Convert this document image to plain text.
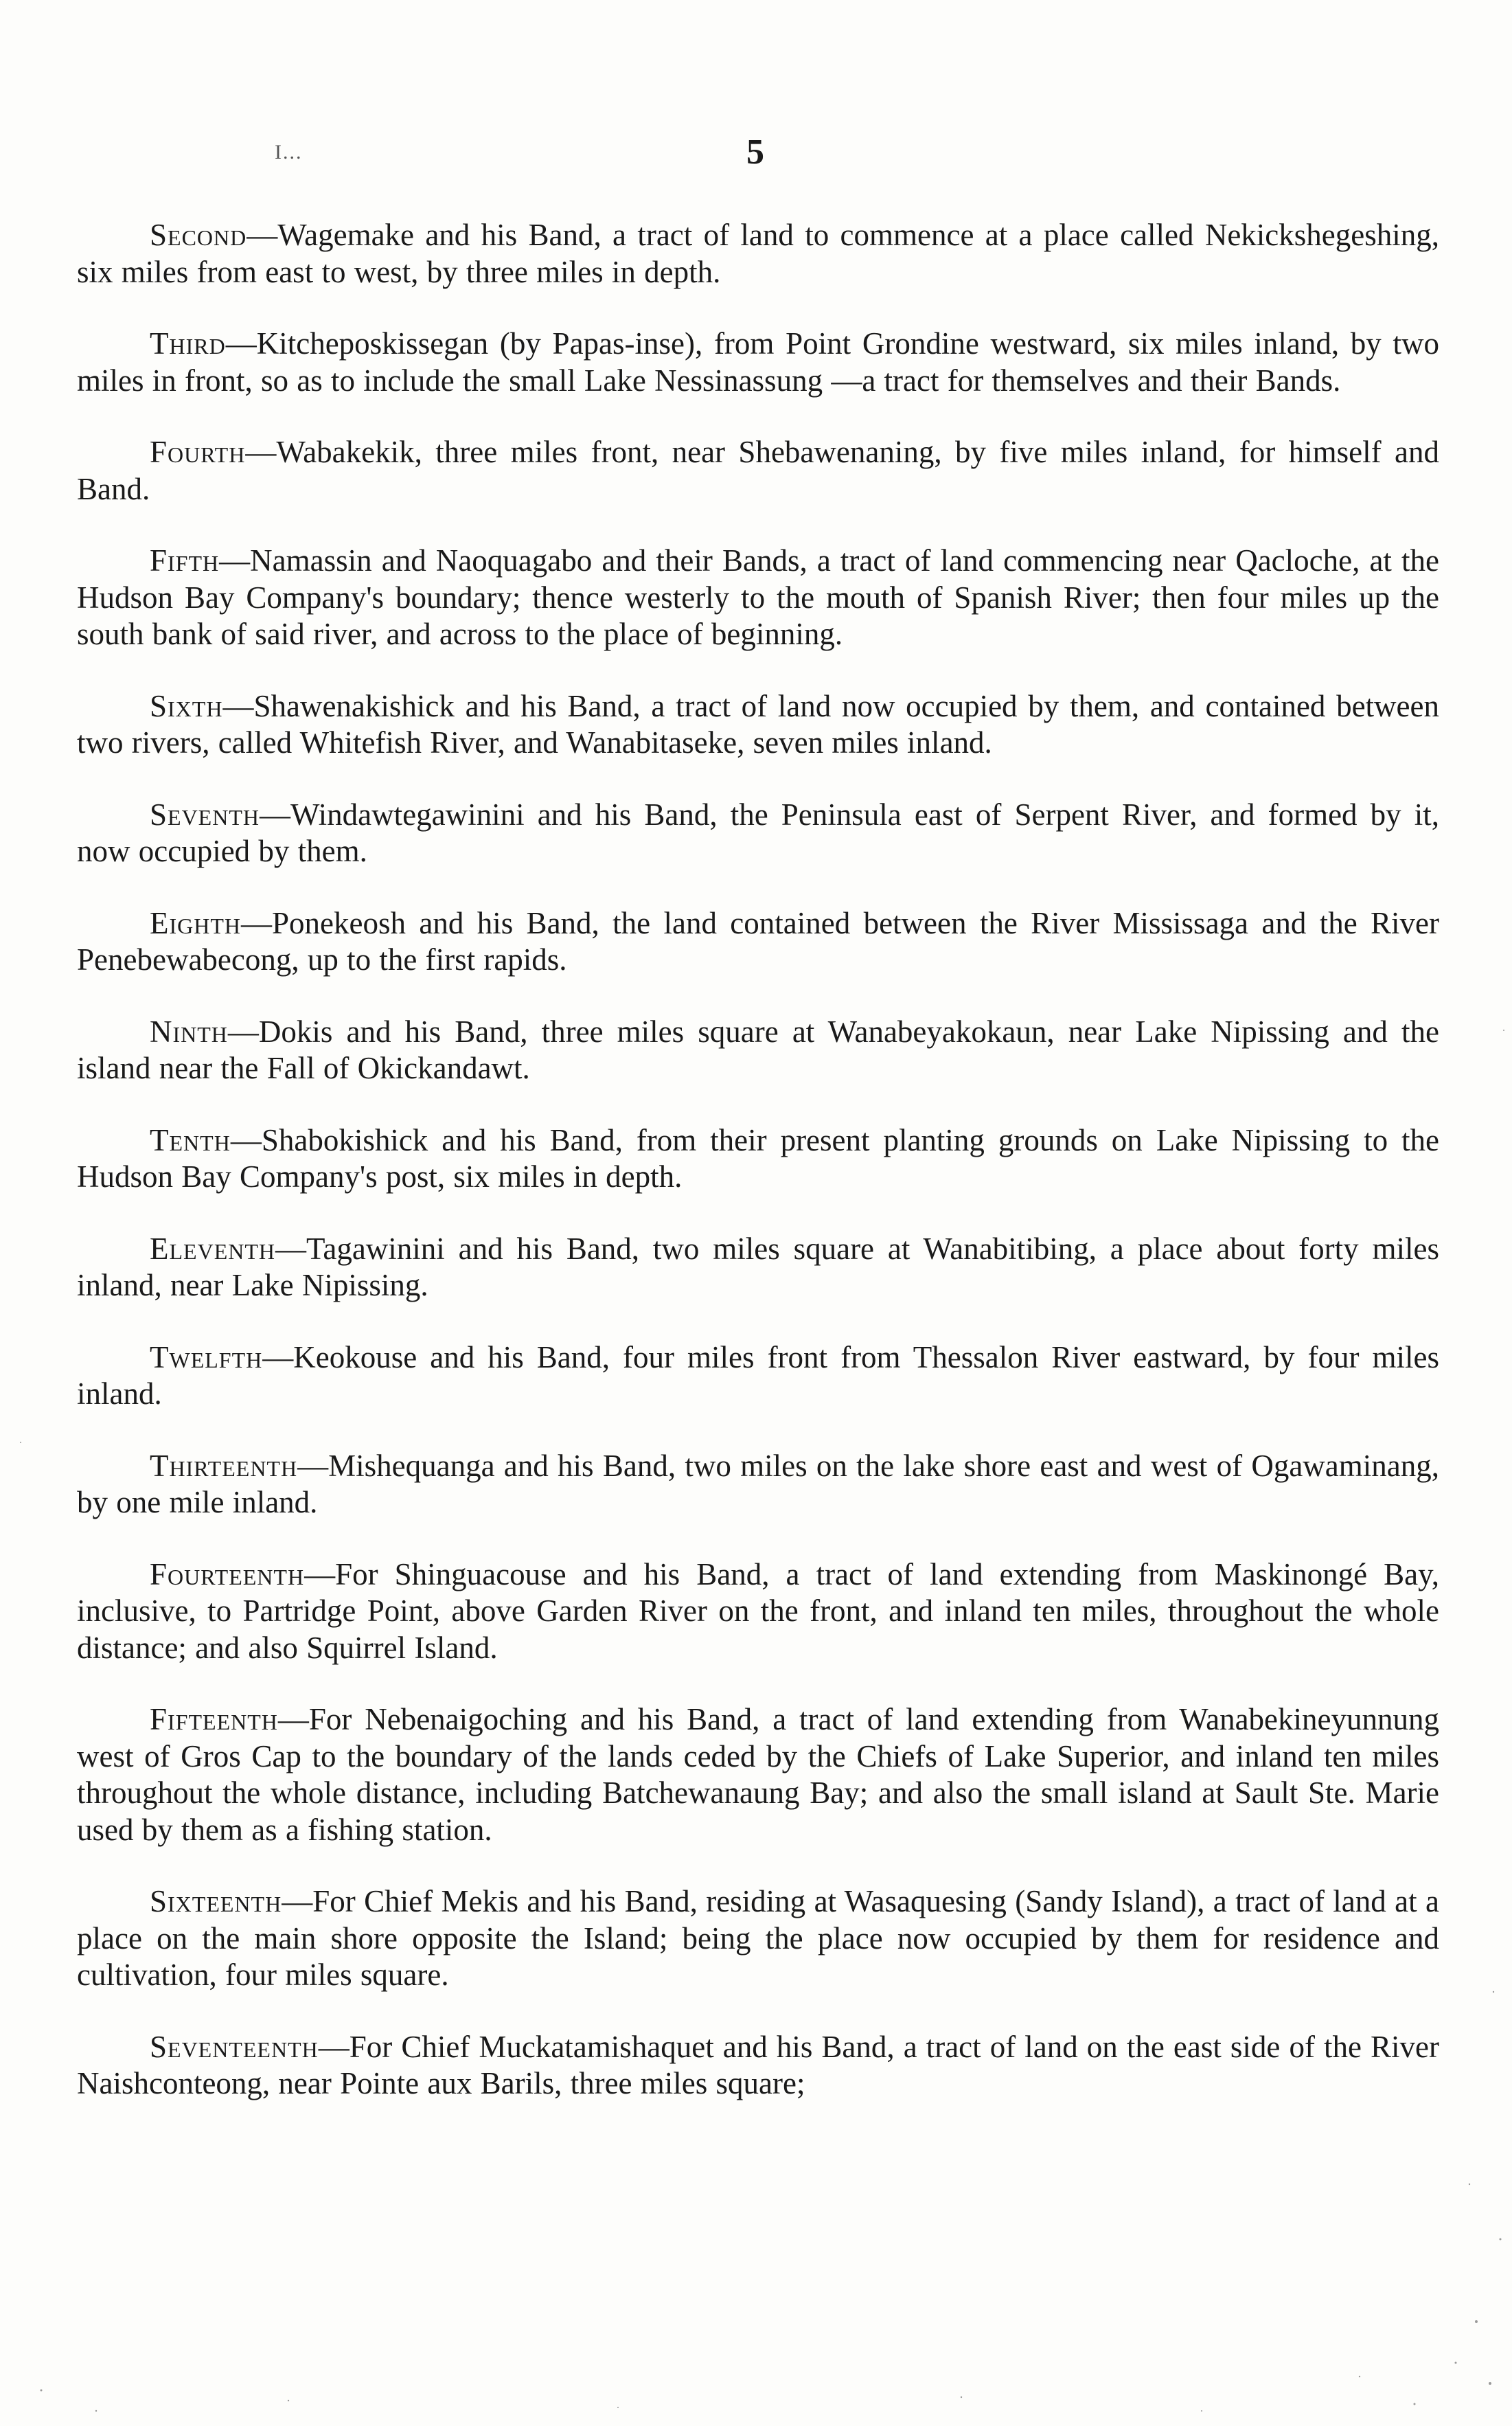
I...	5

Second—Wagemake and his Band, a tract of land to commence at a place called Nekickshegeshing, six miles from east to west, by three miles in depth.

Third—Kitcheposkissegan (by Papas-inse), from Point Grondine westward, six miles inland, by two miles in front, so as to include the small Lake Nessinassung —a tract for themselves and their Bands.

Fourth—Wabakekik, three miles front, near Shebawenaning, by five miles inland, for himself and Band.

Fifth—Namassin and Naoquagabo and their Bands, a tract of land commencing near Qacloche, at the Hudson Bay Company's boundary; thence westerly to the mouth of Spanish River; then four miles up the south bank of said river, and across to the place of beginning.

Sixth—Shawenakishick and his Band, a tract of land now occupied by them, and contained between two rivers, called Whitefish River, and Wanabitaseke, seven miles inland.

Seventh—Windawtegawinini and his Band, the Peninsula east of Serpent River, and formed by it, now occupied by them.

Eighth—Ponekeosh and his Band, the land contained between the River Mississaga and the River Penebewabecong, up to the first rapids.

Ninth—Dokis and his Band, three miles square at Wanabeyakokaun, near Lake Nipissing and the island near the Fall of Okickandawt.

Tenth—Shabokishick and his Band, from their present planting grounds on Lake Nipissing to the Hudson Bay Company's post, six miles in depth.

Eleventh—Tagawinini and his Band, two miles square at Wanabitibing, a place about forty miles inland, near Lake Nipissing.

Twelfth—Keokouse and his Band, four miles front from Thessalon River eastward, by four miles inland.

Thirteenth—Mishequanga and his Band, two miles on the lake shore east and west of Ogawaminang, by one mile inland.

Fourteenth—For Shinguacouse and his Band, a tract of land extending from Maskinongé Bay, inclusive, to Partridge Point, above Garden River on the front, and inland ten miles, throughout the whole distance; and also Squirrel Island.

Fifteenth—For Nebenaigoching and his Band, a tract of land extending from Wanabekineyunnung west of Gros Cap to the boundary of the lands ceded by the Chiefs of Lake Superior, and inland ten miles throughout the whole distance, including Batchewanaung Bay; and also the small island at Sault Ste. Marie used by them as a fishing station.

Sixteenth—For Chief Mekis and his Band, residing at Wasaquesing (Sandy Island), a tract of land at a place on the main shore opposite the Island; being the place now occupied by them for residence and cultivation, four miles square.

Seventeenth—For Chief Muckatamishaquet and his Band, a tract of land on the east side of the River Naishconteong, near Pointe aux Barils, three miles square;
